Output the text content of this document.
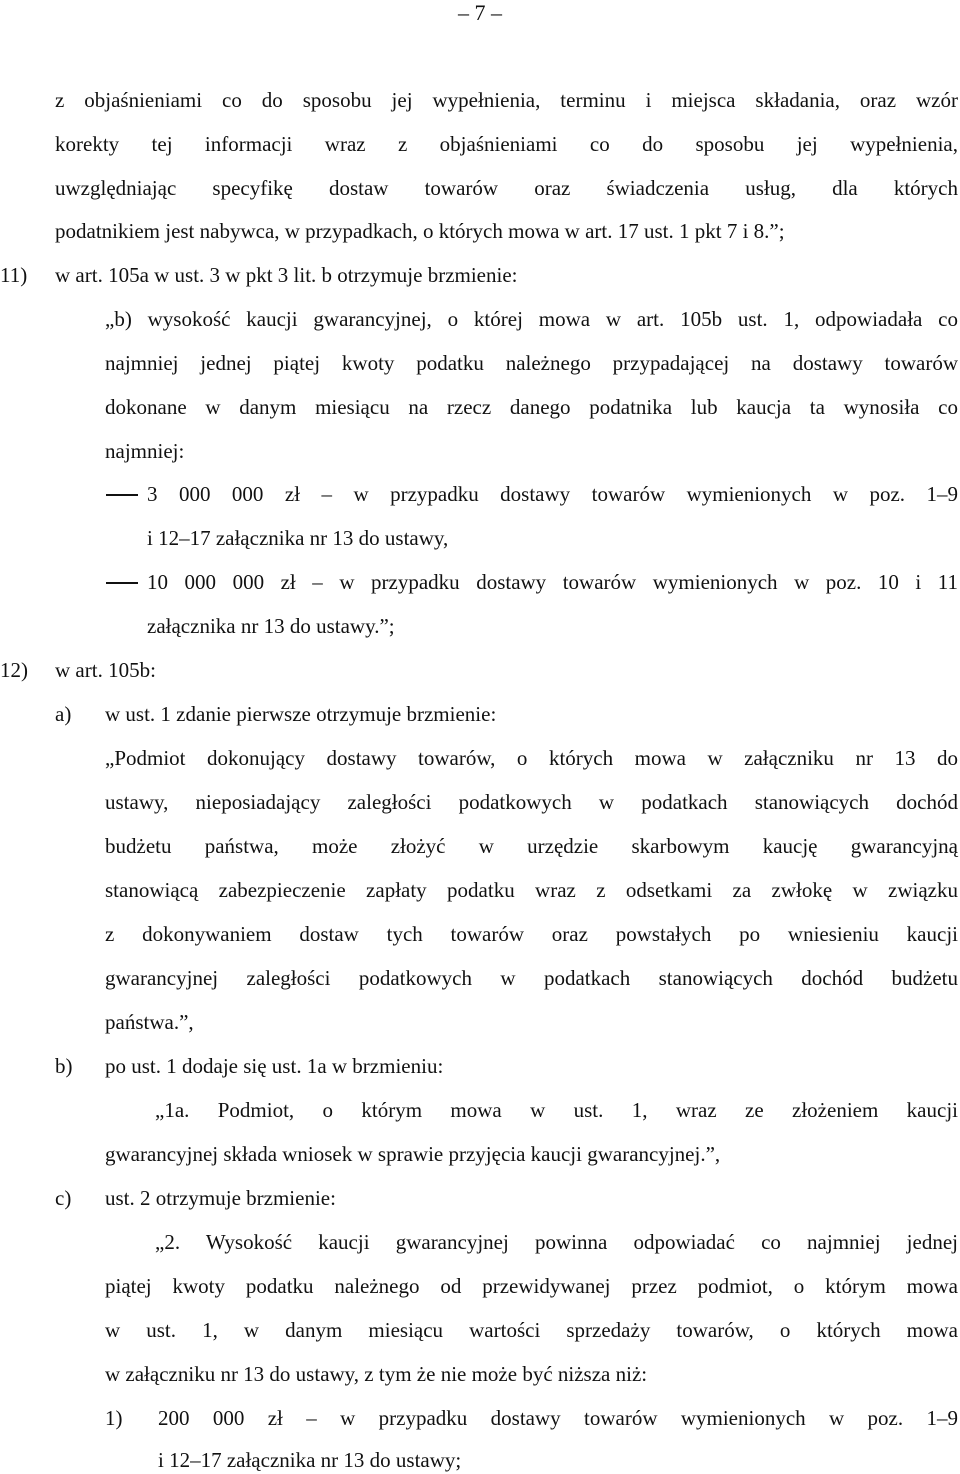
– 7 –
z objaśnieniami co do sposobu jej wypełnienia, terminu i miejsca składania, oraz wzór
korekty tej informacji wraz z objaśnieniami co do sposobu jej wypełnienia,
uwzględniając specyfikę dostaw towarów oraz świadczenia usług, dla których
podatnikiem jest nabywca, w przypadkach, o których mowa w art. 17 ust. 1 pkt 7 i 8.”;
11) w art. 105a w ust. 3 w pkt 3 lit. b otrzymuje brzmienie:
„b) wysokość kaucji gwarancyjnej, o której mowa w art. 105b ust. 1, odpowiadała co
najmniej jednej piątej kwoty podatku należnego przypadającej na dostawy towarów
dokonane w danym miesiącu na rzecz danego podatnika lub kaucja ta wynosiła co
najmniej:
3 000 000 zł – w przypadku dostawy towarów wymienionych w poz. 1–9
i 12–17 załącznika nr 13 do ustawy,
10 000 000 zł – w przypadku dostawy towarów wymienionych w poz. 10 i 11
załącznika nr 13 do ustawy.”;
12) w art. 105b:
a) w ust. 1 zdanie pierwsze otrzymuje brzmienie:
„Podmiot dokonujący dostawy towarów, o których mowa w załączniku nr 13 do
ustawy, nieposiadający zaległości podatkowych w podatkach stanowiących dochód
budżetu państwa, może złożyć w urzędzie skarbowym kaucję gwarancyjną
stanowiącą zabezpieczenie zapłaty podatku wraz z odsetkami za zwłokę w związku
z dokonywaniem dostaw tych towarów oraz powstałych po wniesieniu kaucji
gwarancyjnej zaległości podatkowych w podatkach stanowiących dochód budżetu
państwa.”,
b) po ust. 1 dodaje się ust. 1a w brzmieniu:
„1a. Podmiot, o którym mowa w ust. 1, wraz ze złożeniem kaucji
gwarancyjnej składa wniosek w sprawie przyjęcia kaucji gwarancyjnej.”,
c) ust. 2 otrzymuje brzmienie:
„2. Wysokość kaucji gwarancyjnej powinna odpowiadać co najmniej jednej
piątej kwoty podatku należnego od przewidywanej przez podmiot, o którym mowa
w ust. 1, w danym miesiącu wartości sprzedaży towarów, o których mowa
w załączniku nr 13 do ustawy, z tym że nie może być niższa niż:
1) 200 000 zł – w przypadku dostawy towarów wymienionych w poz. 1–9
i 12–17 załącznika nr 13 do ustawy;
